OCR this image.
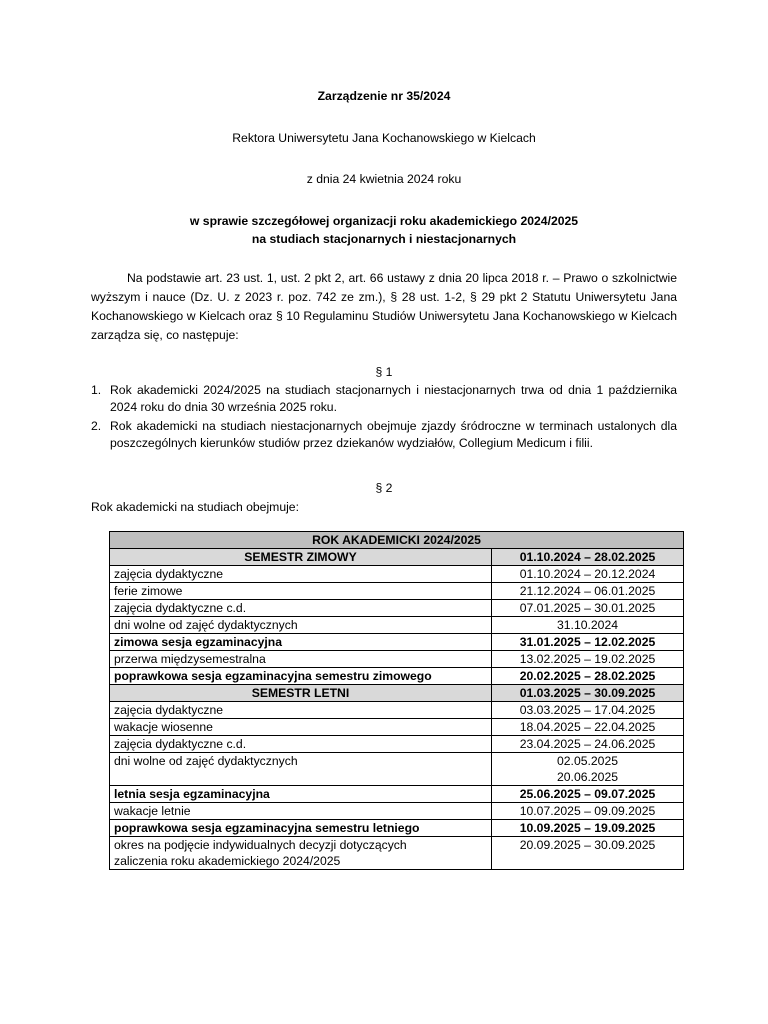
Zarządzenie nr 35/2024
Rektora Uniwersytetu Jana Kochanowskiego w Kielcach
z dnia 24 kwietnia 2024 roku
w sprawie szczegółowej organizacji roku akademickiego 2024/2025
na studiach stacjonarnych i niestacjonarnych
Na podstawie art. 23 ust. 1, ust. 2 pkt 2, art. 66 ustawy z dnia 20 lipca 2018 r. – Prawo o szkolnictwie wyższym i nauce (Dz. U. z 2023 r. poz. 742 ze zm.), § 28 ust. 1-2, § 29 pkt 2 Statutu Uniwersytetu Jana Kochanowskiego w Kielcach oraz § 10 Regulaminu Studiów Uniwersytetu Jana Kochanowskiego w Kielcach zarządza się, co następuje:
§ 1
1. Rok akademicki 2024/2025 na studiach stacjonarnych i niestacjonarnych trwa od dnia 1 października 2024 roku do dnia 30 września 2025 roku.
2. Rok akademicki na studiach niestacjonarnych obejmuje zjazdy śródroczne w terminach ustalonych dla poszczególnych kierunków studiów przez dziekanów wydziałów, Collegium Medicum i filii.
§ 2
Rok akademicki na studiach obejmuje:
ROK AKADEMICKI 2024/2025	
SEMESTR ZIMOWY	01.10.2024 – 28.02.2025
zajęcia dydaktyczne	01.10.2024 – 20.12.2024
ferie zimowe	21.12.2024 – 06.01.2025
zajęcia dydaktyczne c.d.	07.01.2025 – 30.01.2025
dni wolne od zajęć dydaktycznych	31.10.2024
zimowa sesja egzaminacyjna	31.01.2025 – 12.02.2025
przerwa międzysemestralna	13.02.2025 – 19.02.2025
poprawkowa sesja egzaminacyjna semestru zimowego	20.02.2025 – 28.02.2025
SEMESTR LETNI	01.03.2025 – 30.09.2025
zajęcia dydaktyczne	03.03.2025 – 17.04.2025
wakacje wiosenne	18.04.2025 – 22.04.2025
zajęcia dydaktyczne c.d.	23.04.2025 – 24.06.2025
dni wolne od zajęć dydaktycznych	02.05.2025
20.06.2025

letnia sesja egzaminacyjna	25.06.2025 – 09.07.2025
wakacje letnie	10.07.2025 – 09.09.2025
poprawkowa sesja egzaminacyjna semestru letniego	10.09.2025 – 19.09.2025

okres na podjęcie indywidualnych decyzji dotyczących
zaliczenia roku akademickiego 2024/2025	20.09.2025 – 30.09.2025
